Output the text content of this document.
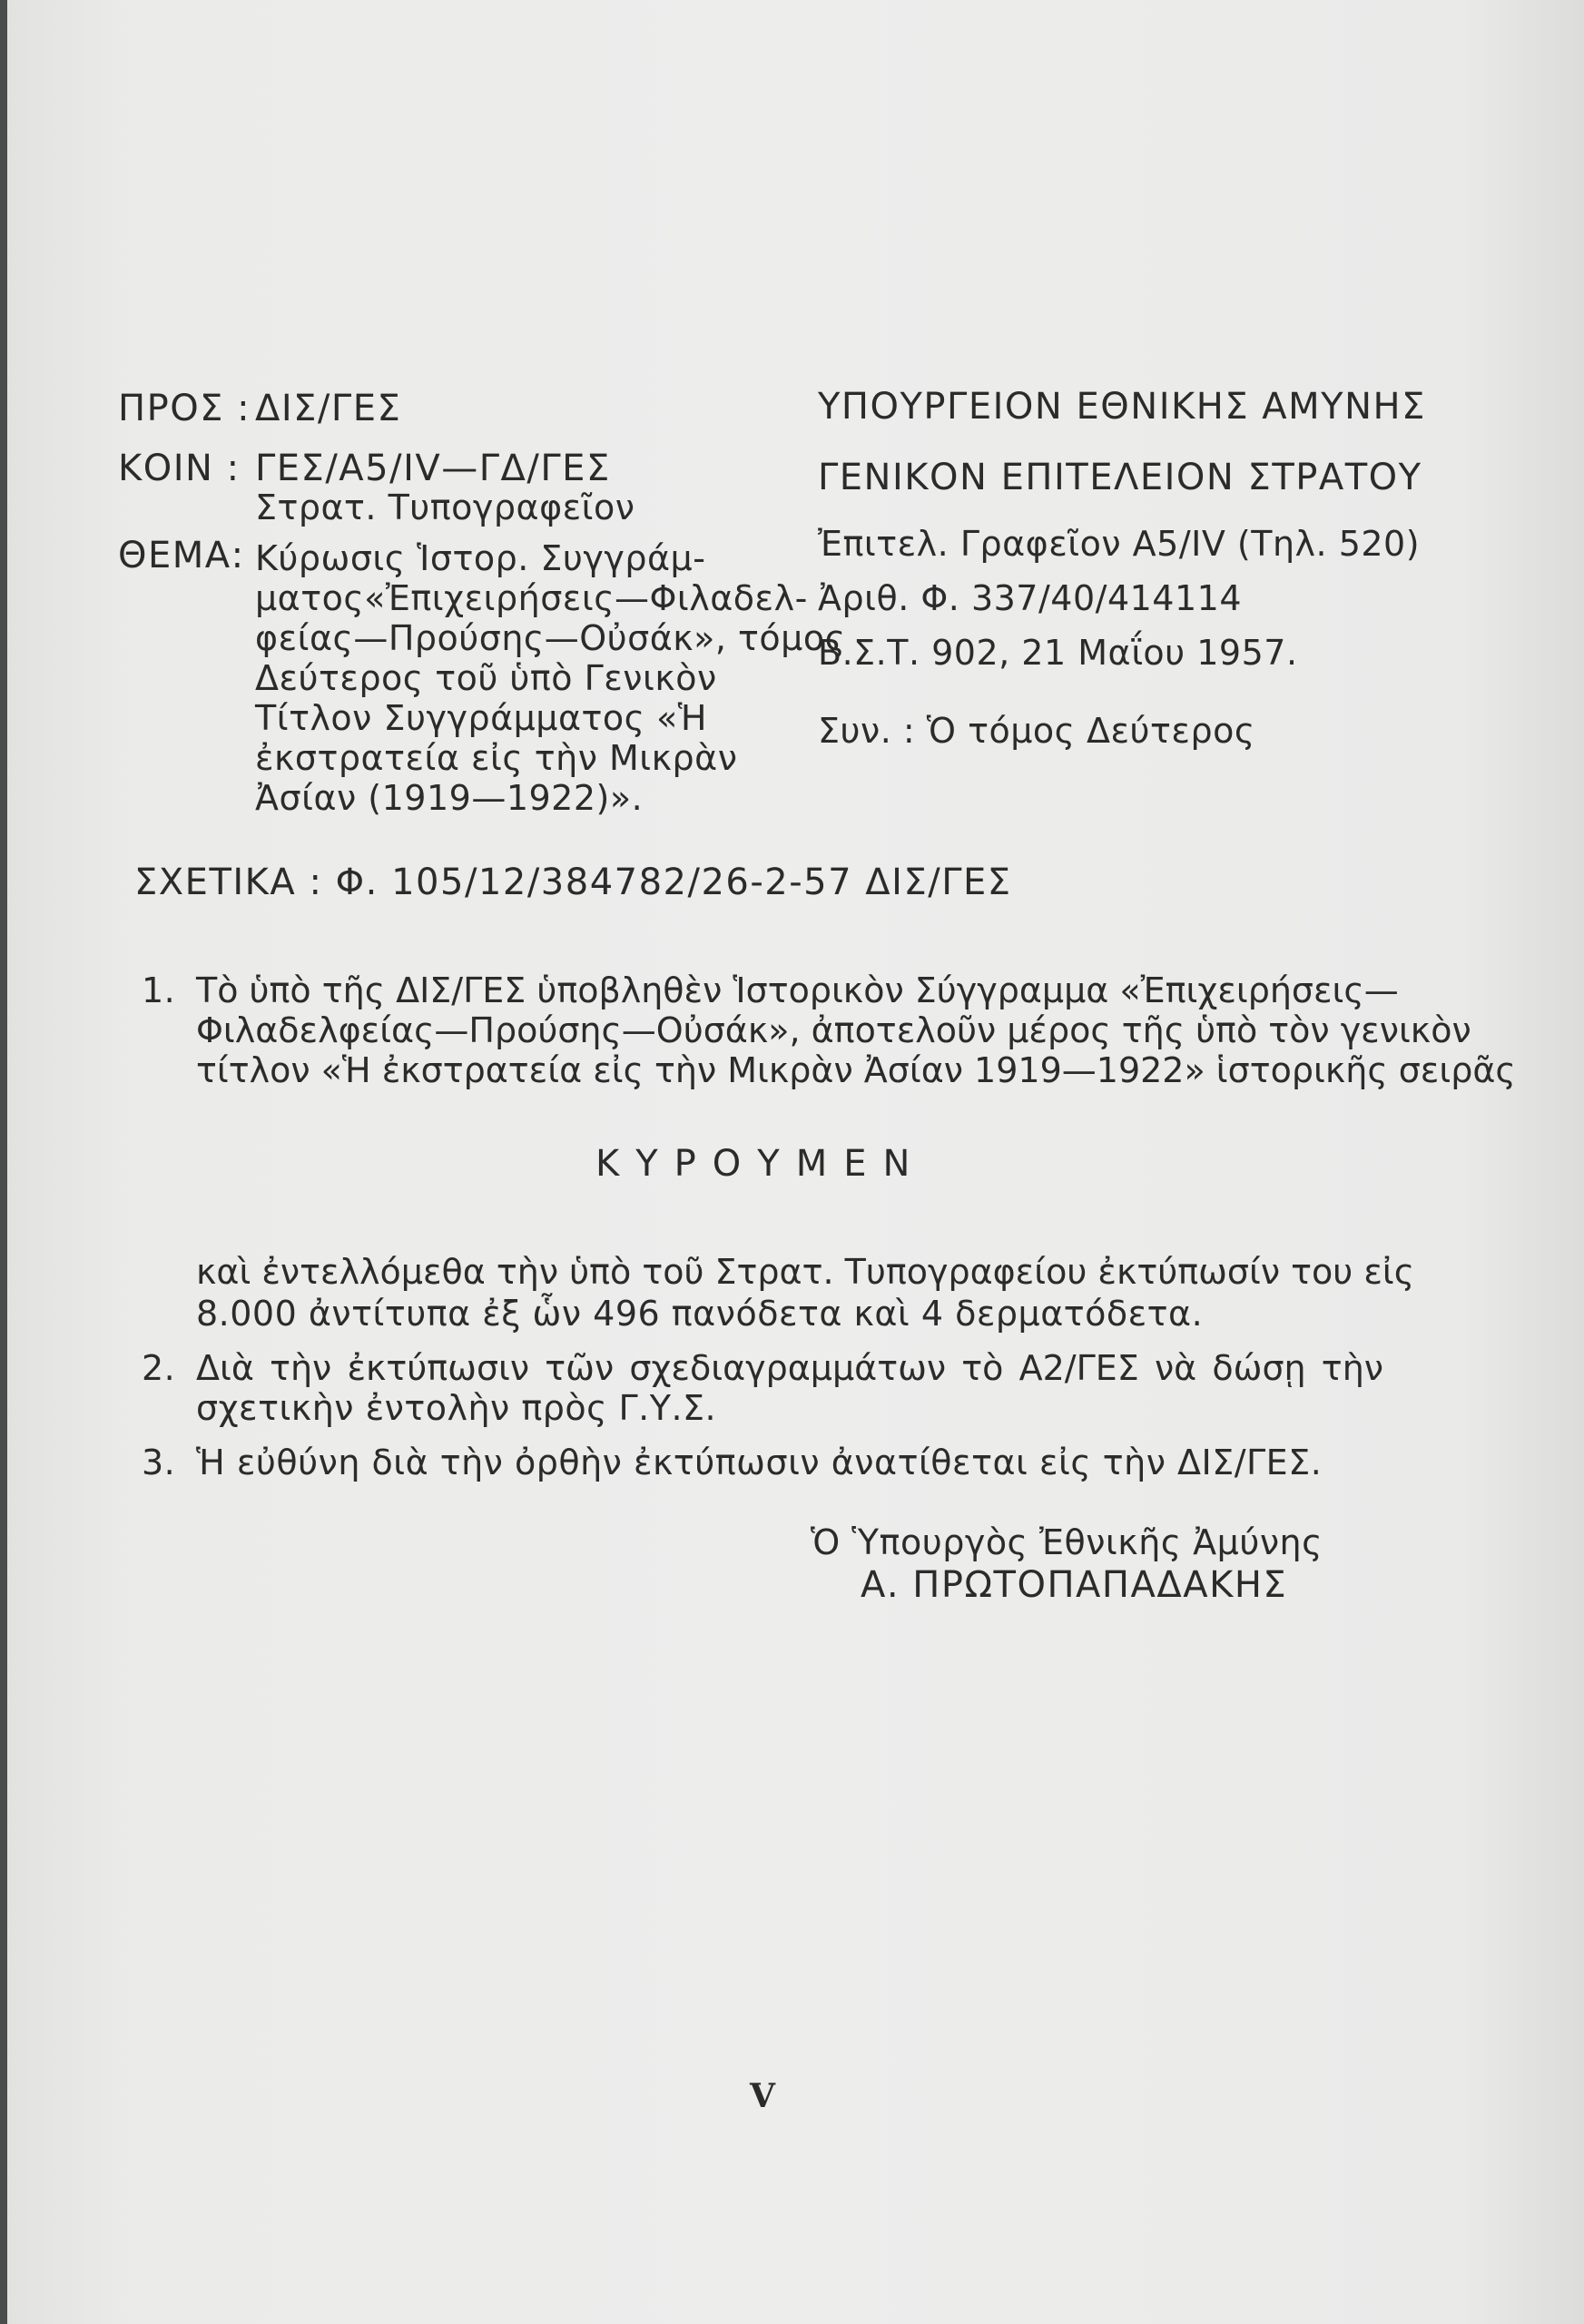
ΠΡΟΣ : ΔΙΣ/ΓΕΣ
ΚΟΙΝ : ΓΕΣ/Α5/ΙV—ΓΔ/ΓΕΣ
Στρατ. Τυπογραφεῖον
ΘΕΜΑ: Κύρωσις Ἱστορ. Συγγράμ-
ματος«Ἐπιχειρήσεις—Φιλαδελ-
φείας—Προύσης—Οὐσάκ», τόμος
Δεύτερος τοῦ ὑπὸ Γενικὸν
Τίτλον Συγγράμματος «Ἡ
ἐκστρατεία εἰς τὴν Μικρὰν
Ἀσίαν (1919—1922)».
ΥΠΟΥΡΓΕΙΟΝ ΕΘΝΙΚΗΣ ΑΜΥΝΗΣ
ΓΕΝΙΚΟΝ ΕΠΙΤΕΛΕΙΟΝ ΣΤΡΑΤΟΥ
Ἐπιτελ. Γραφεῖον Α5/ΙV (Τηλ. 520)
Ἀριθ. Φ. 337/40/414114
Β.Σ.Τ. 902, 21 Μαΐου 1957.
Συν. : Ὁ τόμος Δεύτερος
ΣΧΕΤΙΚΑ : Φ. 105/12/384782/26-2-57 ΔΙΣ/ΓΕΣ
1. Τὸ ὑπὸ τῆς ΔΙΣ/ΓΕΣ ὑποβληθὲν Ἱστορικὸν Σύγγραμμα «Ἐπιχειρήσεις—
Φιλαδελφείας—Προύσης—Οὐσάκ», ἀποτελοῦν μέρος τῆς ὑπὸ τὸν γενικὸν
τίτλον «Ἡ ἐκστρατεία εἰς τὴν Μικρὰν Ἀσίαν 1919—1922» ἱστορικῆς σειρᾶς
ΚΥΡΟΥΜΕΝ
καὶ ἐντελλόμεθα τὴν ὑπὸ τοῦ Στρατ. Τυπογραφείου ἐκτύπωσίν του εἰς
8.000 ἀντίτυπα ἐξ ὧν 496 πανόδετα καὶ 4 δερματόδετα.
2. Διὰ τὴν ἐκτύπωσιν τῶν σχεδιαγραμμάτων τὸ Α2/ΓΕΣ νὰ δώσῃ τὴν
σχετικὴν ἐντολὴν πρὸς Γ.Υ.Σ.
3. Ἡ εὐθύνη διὰ τὴν ὀρθὴν ἐκτύπωσιν ἀνατίθεται εἰς τὴν ΔΙΣ/ΓΕΣ.
Ὁ Ὑπουργὸς Ἐθνικῆς Ἀμύνης
Α. ΠΡΩΤΟΠΑΠΑΔΑΚΗΣ
V
